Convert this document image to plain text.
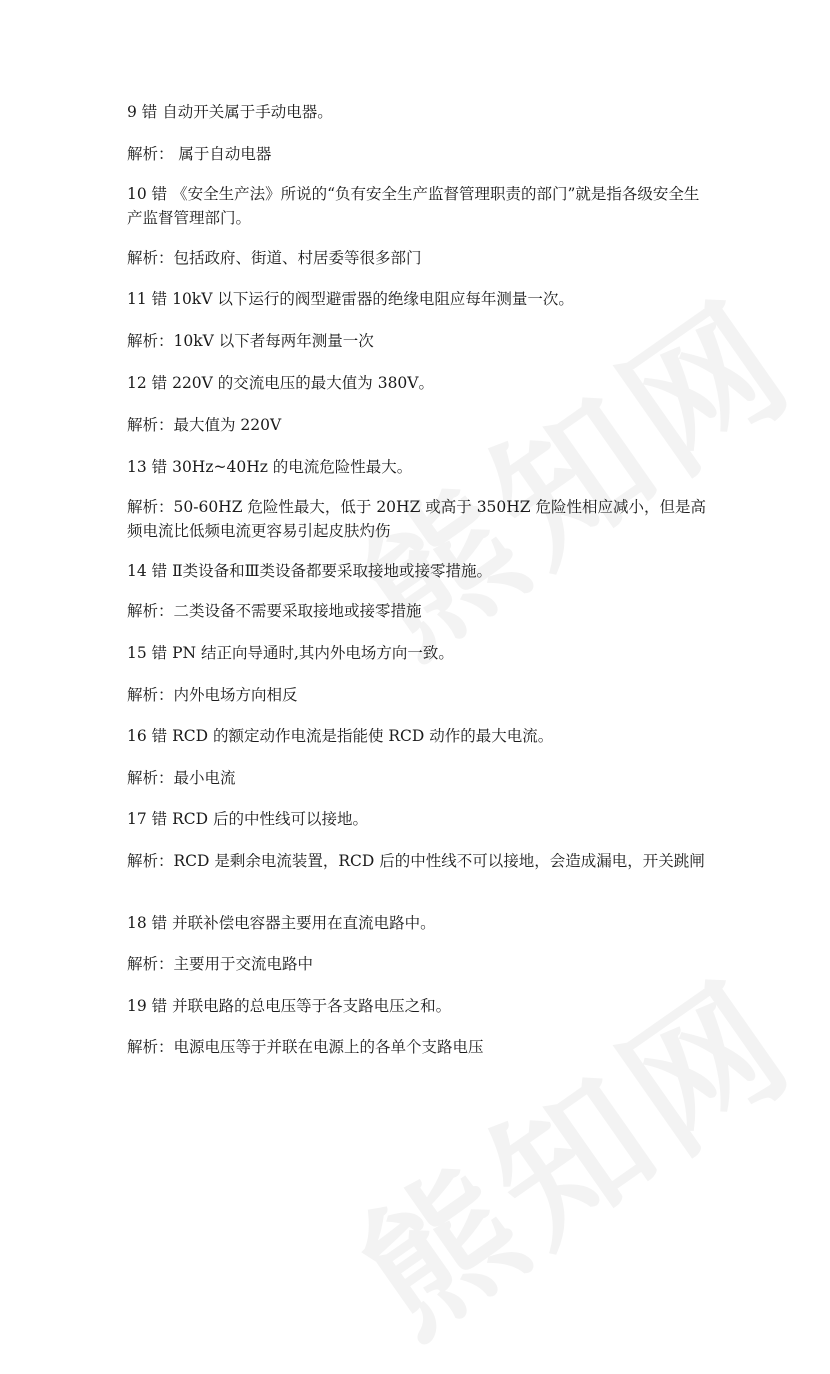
9 错 自动开关属于手动电器。
解析： 属于自动电器
10 错 《安全生产法》所说的“负有安全生产监督管理职责的部门”就是指各级安全生产监督管理部门。
解析：包括政府、街道、村居委等很多部门
11 错 10kV 以下运行的阀型避雷器的绝缘电阻应每年测量一次。
解析：10kV 以下者每两年测量一次
12 错 220V 的交流电压的最大值为 380V。
解析：最大值为 220V
13 错 30Hz~40Hz 的电流危险性最大。
解析：50-60HZ 危险性最大，低于 20HZ 或高于 350HZ 危险性相应减小，但是高频电流比低频电流更容易引起皮肤灼伤
14 错 Ⅱ类设备和Ⅲ类设备都要采取接地或接零措施。
解析：二类设备不需要采取接地或接零措施
15 错 PN 结正向导通时,其内外电场方向一致。
解析：内外电场方向相反
16 错 RCD 的额定动作电流是指能使 RCD 动作的最大电流。
解析：最小电流
17 错 RCD 后的中性线可以接地。
解析：RCD 是剩余电流装置，RCD 后的中性线不可以接地，会造成漏电，开关跳闸
18 错 并联补偿电容器主要用在直流电路中。
解析：主要用于交流电路中
19 错 并联电路的总电压等于各支路电压之和。
解析：电源电压等于并联在电源上的各单个支路电压
